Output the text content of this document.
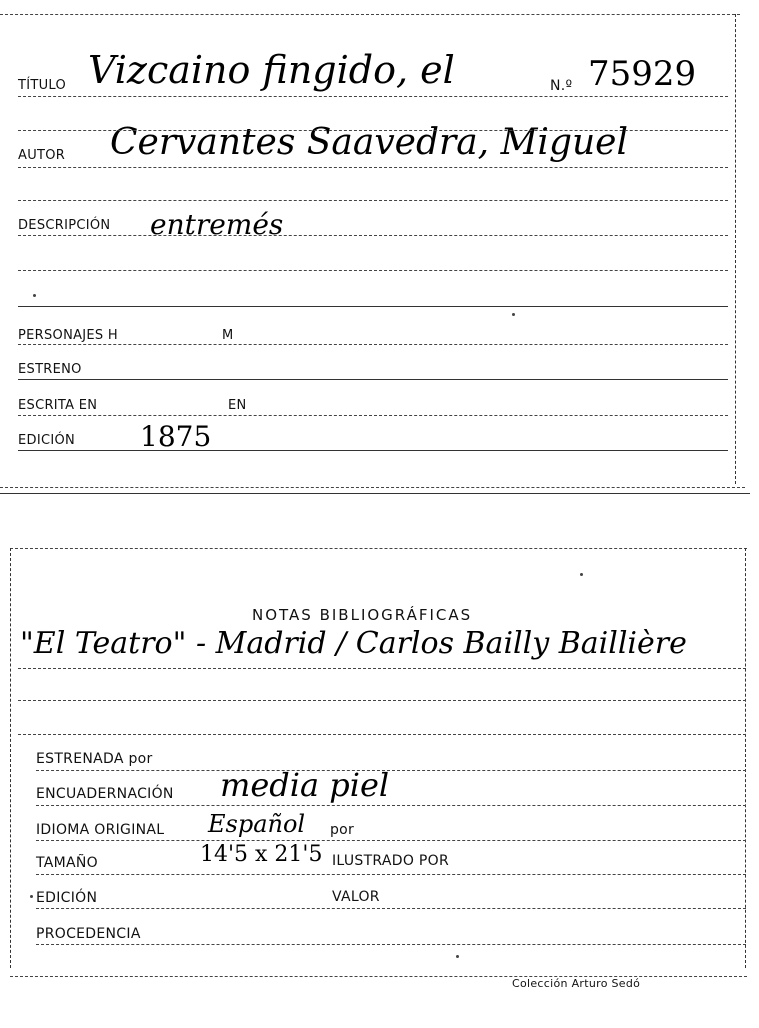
TÍTULO Vizcaino fingido, el	N.º 75929
AUTOR Cervantes Saavedra, Miguel
DESCRIPCIÓN entremés
PERSONAJES H	M
ESTRENO
ESCRITA EN	EN
EDICIÓN 1875
NOTAS BIBLIOGRÁFICAS
"El Teatro" - Madrid / Carlos Bailly Baillière
ESTRENADA por
ENCUADERNACIÓN media piel
IDIOMA ORIGINAL Español por
TAMAÑO	14'5 x 21'5 ILUSTRADO POR
EDICIÓN	VALOR
PROCEDENCIA
Colección Arturo Sedó
